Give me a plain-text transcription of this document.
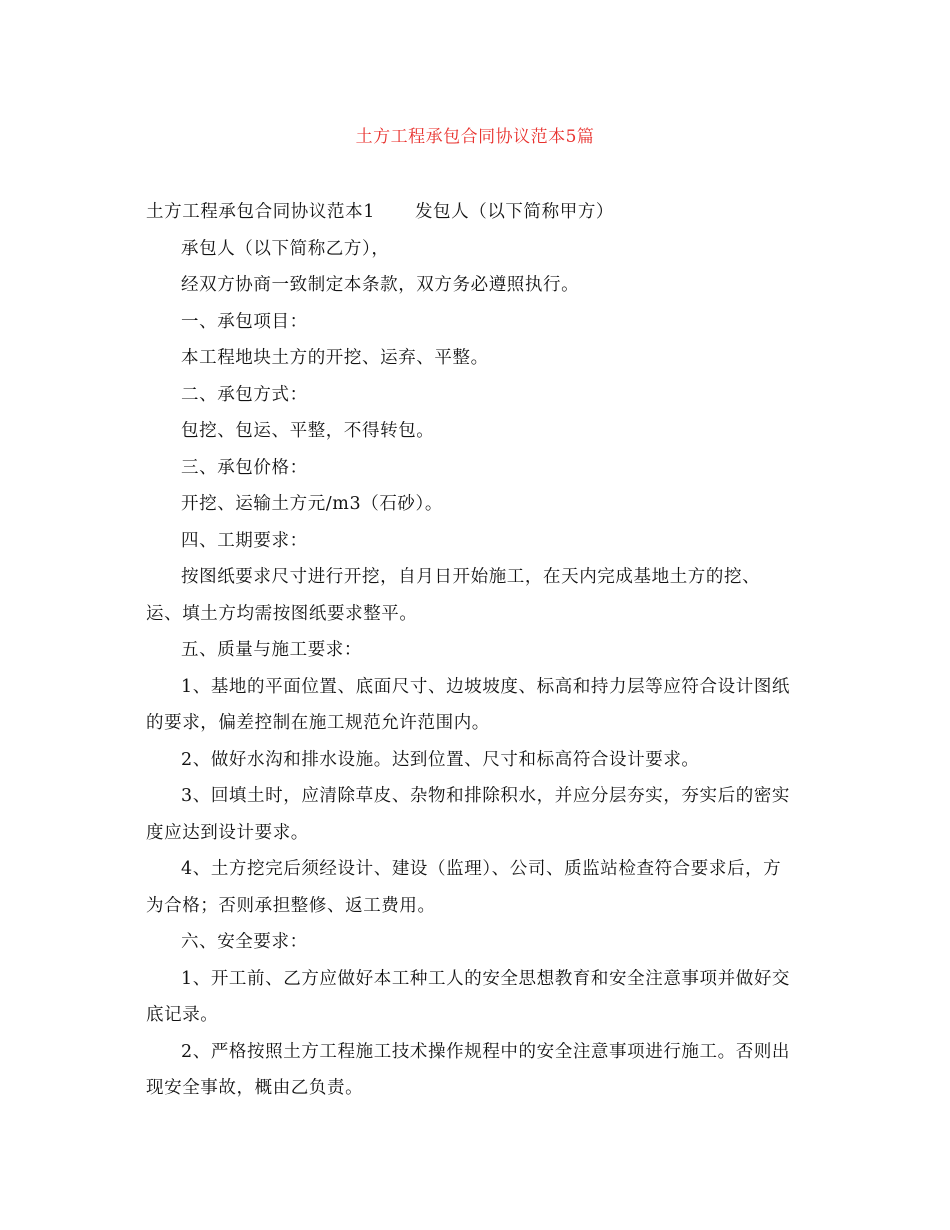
土方工程承包合同协议范本5篇
土方工程承包合同协议范本1 发包人（以下简称甲方）
承包人（以下简称乙方），
经双方协商一致制定本条款，双方务必遵照执行。
一、承包项目：
本工程地块土方的开挖、运弃、平整。
二、承包方式：
包挖、包运、平整，不得转包。
三、承包价格：
开挖、运输土方元/m3（石砂）。
四、工期要求：
按图纸要求尺寸进行开挖，自月日开始施工，在天内完成基地土方的挖、
运、填土方均需按图纸要求整平。
五、质量与施工要求：
1、基地的平面位置、底面尺寸、边坡坡度、标高和持力层等应符合设计图纸
的要求，偏差控制在施工规范允许范围内。
2、做好水沟和排水设施。达到位置、尺寸和标高符合设计要求。
3、回填土时，应清除草皮、杂物和排除积水，并应分层夯实，夯实后的密实
度应达到设计要求。
4、土方挖完后须经设计、建设（监理）、公司、质监站检查符合要求后，方
为合格；否则承担整修、返工费用。
六、安全要求：
1、开工前、乙方应做好本工种工人的安全思想教育和安全注意事项并做好交
底记录。
2、严格按照土方工程施工技术操作规程中的安全注意事项进行施工。否则出
现安全事故，概由乙负责。
